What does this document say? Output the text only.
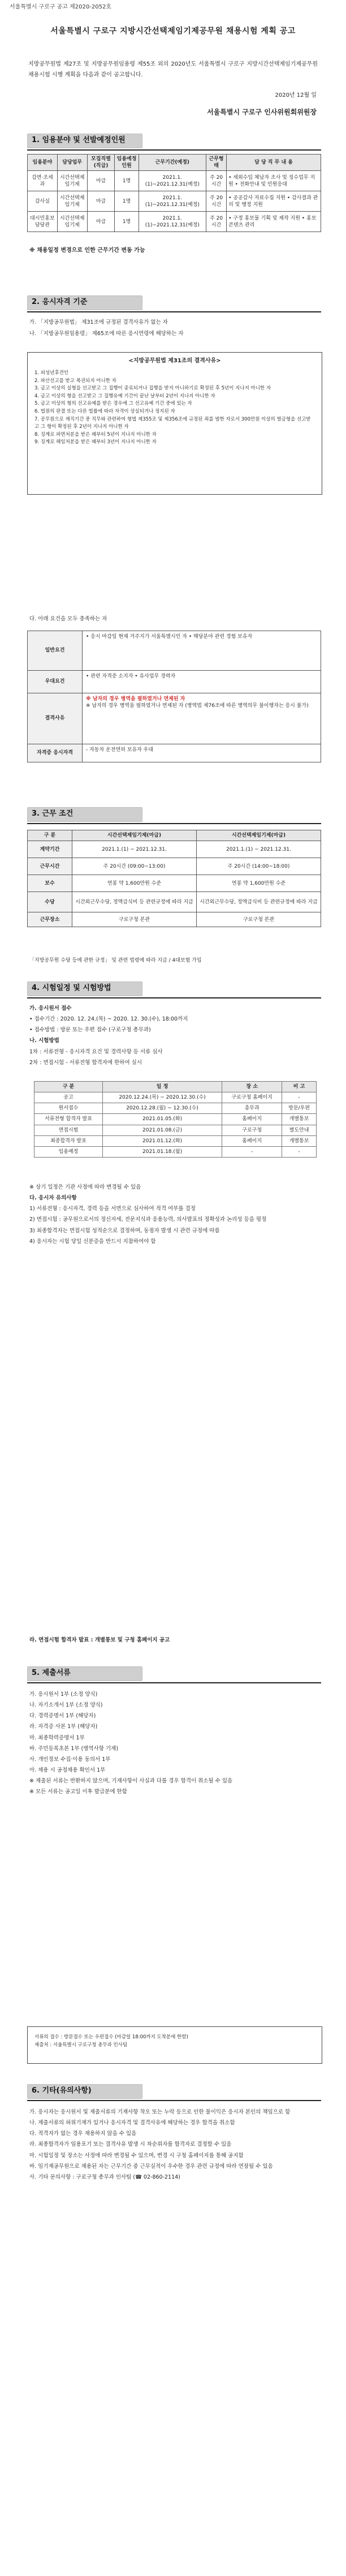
서울특별시 구로구 공고 제2020-2052호
서울특별시 구로구 지방시간선택제임기제공무원 채용시험 계획 공고
지방공무원법 제27조 및 지방공무원임용령 제55조 외의 2020년도 서울특별시 구로구 지방시간선택제임기제공무원 채용시험 시행 계획을 다음과 같이 공고합니다.
2020년 12월 일
서울특별시 구로구 인사위원회위원장
1. 임용분야 및 선발예정인원
임용분야	담당업무	모집직렬(직급)	임용예정인원	근무기간(예정)	근무형태	담 당 직 무 내 용
감면·조세과	시간선택제임기제	마급	1명	2021.1.(1)~2021.12.31(예정)	주 20시간	• 세외수입 체납자 조사 및 징수업무 지원 • 전화안내 및 민원응대
감사실	시간선택제임기제	마급	1명	2021.1.(1)~2021.12.31(예정)	주 20시간	• 공공감사 자료수집 지원 • 감사결과 관리 및 행정 지원
대시민홍보담당관	시간선택제임기제	마급	1명	2021.1.(1)~2021.12.31(예정)	주 20시간	• 구정 홍보물 기획 및 제작 지원 • 홍보 콘텐츠 관리
※ 채용일정 변경으로 인한 근무기간 변동 가능
2. 응시자격 기준

가. 「지방공무원법」 제31조에 규정된 결격사유가 없는 자

나. 「지방공무원임용령」 제65조에 따른 응시연령에 해당하는 자

<지방공무원법 제31조의 결격사유>

1. 피성년후견인

2. 파산선고를 받고 복권되지 아니한 자

3. 금고 이상의 실형을 선고받고 그 집행이 종료되거나 집행을 받지 아니하기로 확정된 후 5년이 지나지 아니한 자

4. 금고 이상의 형을 선고받고 그 집행유예 기간이 끝난 날부터 2년이 지나지 아니한 자

5. 금고 이상의 형의 선고유예를 받은 경우에 그 선고유예 기간 중에 있는 자

6. 법원의 판결 또는 다른 법률에 따라 자격이 상실되거나 정지된 자

7. 공무원으로 재직기간 중 직무와 관련하여 형법 제355조 및 제356조에 규정된 죄를 범한 자로서 300만원 이상의 벌금형을 선고받고 그 형이 확정된 후 2년이 지나지 아니한 자

8. 징계로 파면처분을 받은 때부터 5년이 지나지 아니한 자

9. 징계로 해임처분을 받은 때부터 3년이 지나지 아니한 자

다. 아래 요건을 모두 충족하는 자

일반요건	• 응시 마감일 현재 거주지가 서울특별시인 자 • 해당분야 관련 경험 보유자
우대요건	• 관련 자격증 소지자 • 유사업무 경력자
결격사유	※ 남자의 경우 병역을 필하였거나 면제된 자
※ 남자의 경우 병역을 필하였거나 면제된 자 (병역법 제76조에 따른 병역의무 불이행자는 응시 불가)

자격증 응시자격	- 자동차 운전면허 보유자 우대
3. 근무 조건
구 분	시간선택제임기제(마급)	시간선택제임기제(마급)
계약기간	2021.1.(1) ~ 2021.12.31.	2021.1.(1) ~ 2021.12.31.
근무시간	주 20시간 (09:00~13:00)	주 20시간 (14:00~18:00)
보수	연봉 약 1,600만원 수준	연봉 약 1,600만원 수준
수당	시간외근무수당, 정액급식비 등 관련규정에 따라 지급	시간외근무수당, 정액급식비 등 관련규정에 따라 지급
근무장소	구로구청 본관	구로구청 본관
「지방공무원 수당 등에 관한 규정」 및 관련 법령에 따라 지급 / 4대보험 가입
4. 시험일정 및 시험방법

가. 응시원서 접수

• 접수기간 : 2020. 12. 24.(목) ~ 2020. 12. 30.(수), 18:00까지

• 접수방법 : 방문 또는 우편 접수 (구로구청 총무과)

나. 시험방법

1차 : 서류전형 - 응시자격 요건 및 경력사항 등 서류 심사

2차 : 면접시험 - 서류전형 합격자에 한하여 실시

구 분	일 정	장 소	비 고
공고	2020.12.24.(목) ~ 2020.12.30.(수)	구로구청 홈페이지	-
원서접수	2020.12.28.(월) ~ 12.30.(수)	총무과	방문/우편
서류전형 합격자 발표	2021.01.05.(화)	홈페이지	개별통보
면접시험	2021.01.08.(금)	구로구청	별도안내
최종합격자 발표	2021.01.12.(화)	홈페이지	개별통보
임용예정	2021.01.18.(월)	-	-

※ 상기 일정은 기관 사정에 따라 변경될 수 있음

다. 응시자 유의사항

1) 서류전형 : 응시자격, 경력 등을 서면으로 심사하여 적격 여부를 결정

2) 면접시험 : 공무원으로서의 정신자세, 전문지식과 응용능력, 의사발표의 정확성과 논리성 등을 평정

3) 최종합격자는 면접시험 성적순으로 결정하며, 동점자 발생 시 관련 규정에 따름

4) 응시자는 시험 당일 신분증을 반드시 지참하여야 함

라. 면접시험 합격자 발표 : 개별통보 및 구청 홈페이지 공고

5. 제출서류

가. 응시원서 1부 (소정 양식)

나. 자기소개서 1부 (소정 양식)

다. 경력증명서 1부 (해당자)

라. 자격증 사본 1부 (해당자)

마. 최종학력증명서 1부

바. 주민등록초본 1부 (병역사항 기재)

사. 개인정보 수집·이용 동의서 1부

아. 채용 시 공정채용 확인서 1부

※ 제출된 서류는 반환하지 않으며, 기재사항이 사실과 다를 경우 합격이 취소될 수 있음

※ 모든 서류는 공고일 이후 발급분에 한함

서류의 접수 : 방문접수 또는 우편접수 (마감일 18:00까지 도착분에 한함)

제출처 : 서울특별시 구로구청 총무과 인사팀

6. 기타(유의사항)

가. 응시자는 응시원서 및 제출서류의 기재사항 착오 또는 누락 등으로 인한 불이익은 응시자 본인의 책임으로 함

나. 제출서류의 허위기재가 있거나 응시자격 및 결격사유에 해당하는 경우 합격을 취소함

다. 적격자가 없는 경우 채용하지 않을 수 있음

라. 최종합격자가 임용포기 또는 결격사유 발생 시 차순위자를 합격자로 결정할 수 있음

마. 시험일정 및 장소는 사정에 따라 변경될 수 있으며, 변경 시 구청 홈페이지를 통해 공지함

바. 임기제공무원으로 채용된 자는 근무기간 중 근무실적이 우수한 경우 관련 규정에 따라 연장될 수 있음

사. 기타 문의사항 : 구로구청 총무과 인사팀 (☎ 02-860-2114)
